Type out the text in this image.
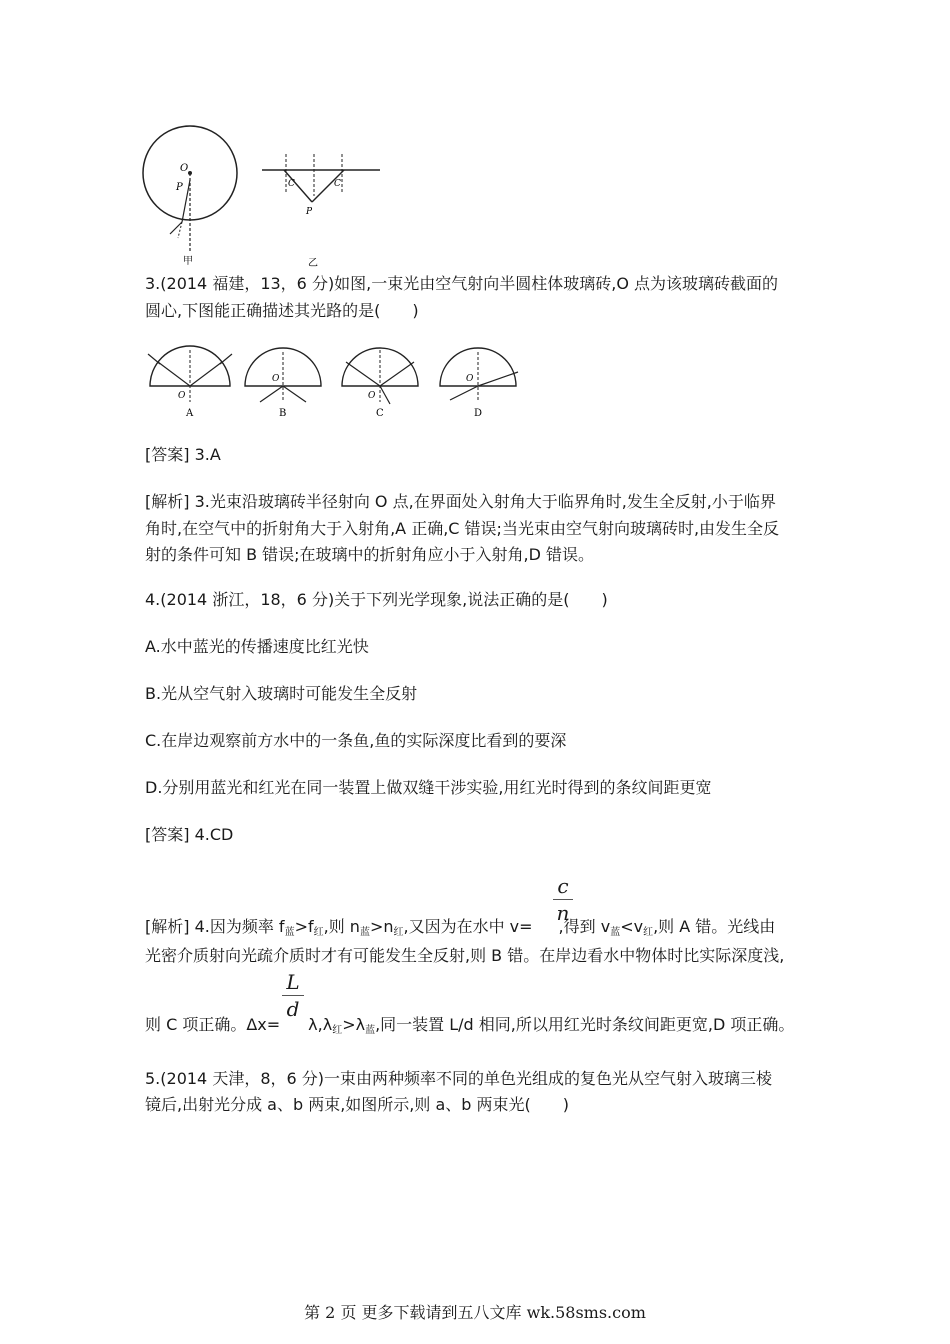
O
P
甲
C	C
P
乙
3.(2014 福建，13，6 分)如图,一束光由空气射向半圆柱体玻璃砖,O 点为该玻璃砖截面的
圆心,下图能正确描述其光路的是(　　)
O
A
O
B
O
C
O
D
[答案] 3.A
[解析] 3.光束沿玻璃砖半径射向 O 点,在界面处入射角大于临界角时,发生全反射,小于临界
角时,在空气中的折射角大于入射角,A 正确,C 错误;当光束由空气射向玻璃砖时,由发生全反
射的条件可知 B 错误;在玻璃中的折射角应小于入射角,D 错误。
4.(2014 浙江，18，6 分)关于下列光学现象,说法正确的是(　　)
A.水中蓝光的传播速度比红光快
B.光从空气射入玻璃时可能发生全反射
C.在岸边观察前方水中的一条鱼,鱼的实际深度比看到的要深
D.分别用蓝光和红光在同一装置上做双缝干涉实验,用红光时得到的条纹间距更宽
[答案] 4.CD
c
n
[解析] 4.因为频率 $f_蓝>f_红$,则 $n_蓝>n_红$,又因为在水中 v= ,得到 $v_蓝<v_红$,则 A 错。光线由
光密介质射向光疏介质时才有可能发生全反射,则 B 错。在岸边看水中物体时比实际深度浅,
L
d
则 C 项正确。$\Delta x= \lambda,\lambda_红>\lambda_蓝$,同一装置 L/d 相同,所以用红光时条纹间距更宽,D 项正确。
5.(2014 天津，8，6 分)一束由两种频率不同的单色光组成的复色光从空气射入玻璃三棱
镜后,出射光分成 a、b 两束,如图所示,则 a、b 两束光(　　)
第 2 页 更多下载请到五八文库 wk.58sms.com
